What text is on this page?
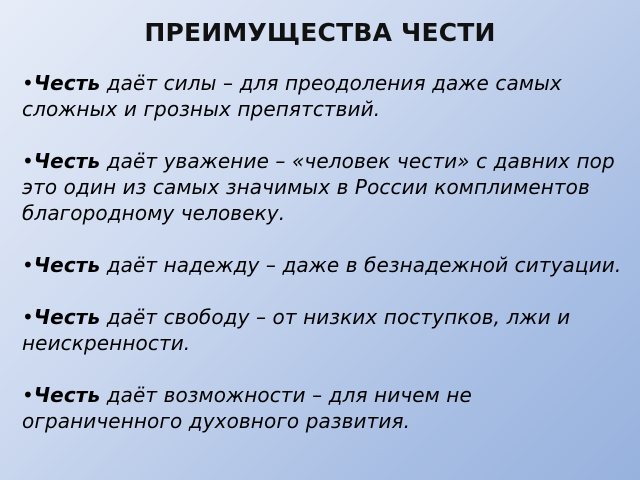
ПРЕИМУЩЕСТВА ЧЕСТИ
•Честь даёт силы – для преодоления даже самых сложных и грозных препятствий.
•Честь даёт уважение – «человек чести» с давних пор это один из самых значимых в России комплиментов благородному человеку.
•Честь даёт надежду – даже в безнадежной ситуации.
•Честь даёт свободу – от низких поступков, лжи и неискренности.
•Честь даёт возможности – для ничем не ограниченного духовного развития.
